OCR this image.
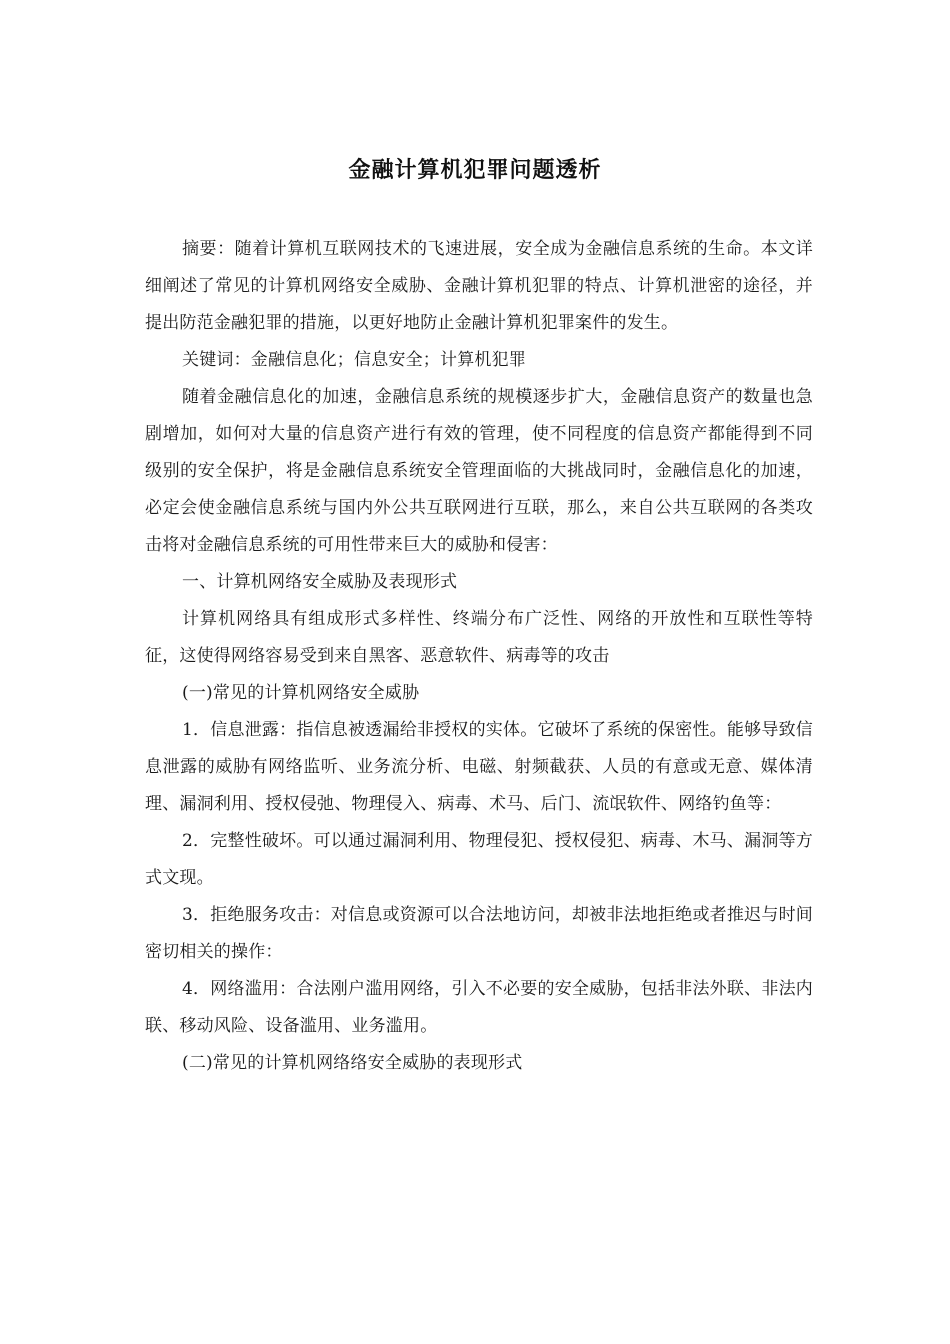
金融计算机犯罪问题透析

摘要：随着计算机互联网技术的飞速进展，安全成为金融信息系统的生命。本文详细阐述了常见的计算机网络安全威胁、金融计算机犯罪的特点、计算机泄密的途径，并提出防范金融犯罪的措施，以更好地防止金融计算机犯罪案件的发生。

关键词：金融信息化；信息安全；计算机犯罪

随着金融信息化的加速，金融信息系统的规模逐步扩大，金融信息资产的数量也急剧增加，如何对大量的信息资产进行有效的管理，使不同程度的信息资产都能得到不同级别的安全保护，将是金融信息系统安全管理面临的大挑战同时，金融信息化的加速，必定会使金融信息系统与国内外公共互联网进行互联，那么，来自公共互联网的各类攻击将对金融信息系统的可用性带来巨大的威胁和侵害：

一、计算机网络安全威胁及表现形式

计算机网络具有组成形式多样性、终端分布广泛性、网络的开放性和互联性等特征，这使得网络容易受到来自黑客、恶意软件、病毒等的攻击

(一)常见的计算机网络安全威胁

1．信息泄露：指信息被透漏给非授权的实体。它破坏了系统的保密性。能够导致信息泄露的威胁有网络监听、业务流分析、电磁、射频截获、人员的有意或无意、媒体清理、漏洞利用、授权侵弛、物理侵入、病毒、术马、后门、流氓软件、网络钓鱼等：

2．完整性破坏。可以通过漏洞利用、物理侵犯、授权侵犯、病毒、木马、漏洞等方式文现。

3．拒绝服务攻击：对信息或资源可以合法地访问，却被非法地拒绝或者推迟与时间密切相关的操作：

4．网络滥用：合法刚户滥用网络，引入不必要的安全威胁，包括非法外联、非法内联、移动风险、设备滥用、业务滥用。

(二)常见的计算机网络络安全威胁的表现形式
